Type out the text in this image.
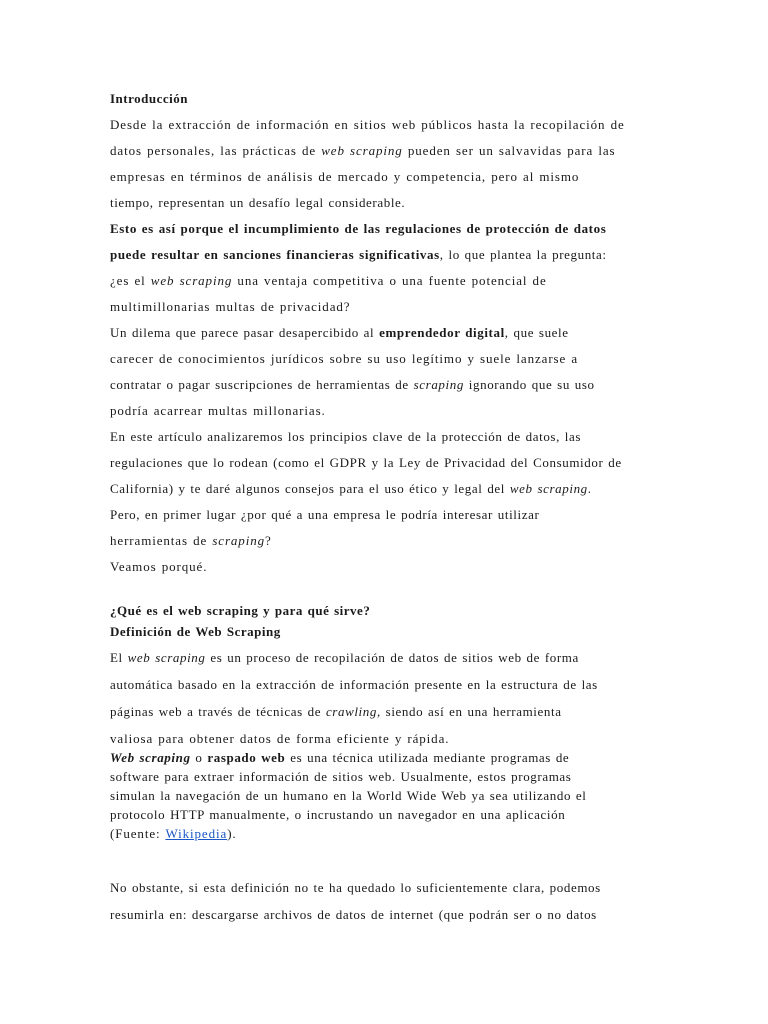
Introducción

Desde la extracción de información en sitios web públicos hasta la recopilación de

datos personales, las prácticas de web scraping pueden ser un salvavidas para las

empresas en términos de análisis de mercado y competencia, pero al mismo

tiempo, representan un desafío legal considerable.

Esto es así porque el incumplimiento de las regulaciones de protección de datos

puede resultar en sanciones financieras significativas, lo que plantea la pregunta:

¿es el web scraping una ventaja competitiva o una fuente potencial de

multimillonarias multas de privacidad?

Un dilema que parece pasar desapercibido al emprendedor digital, que suele

carecer de conocimientos jurídicos sobre su uso legítimo y suele lanzarse a

contratar o pagar suscripciones de herramientas de scraping ignorando que su uso

podría acarrear multas millonarias.

En este artículo analizaremos los principios clave de la protección de datos, las

regulaciones que lo rodean (como el GDPR y la Ley de Privacidad del Consumidor de

California) y te daré algunos consejos para el uso ético y legal del web scraping.

Pero, en primer lugar ¿por qué a una empresa le podría interesar utilizar

herramientas de scraping?

Veamos porqué.

¿Qué es el web scraping y para qué sirve?

Definición de Web Scraping

El web scraping es un proceso de recopilación de datos de sitios web de forma

automática basado en la extracción de información presente en la estructura de las

páginas web a través de técnicas de crawling, siendo así en una herramienta

valiosa para obtener datos de forma eficiente y rápida.

Web scraping o raspado web es una técnica utilizada mediante programas de

software para extraer información de sitios web. Usualmente, estos programas

simulan la navegación de un humano en la World Wide Web ya sea utilizando el

protocolo HTTP manualmente, o incrustando un navegador en una aplicación

(Fuente: Wikipedia).

No obstante, si esta definición no te ha quedado lo suficientemente clara, podemos

resumirla en: descargarse archivos de datos de internet (que podrán ser o no datos
